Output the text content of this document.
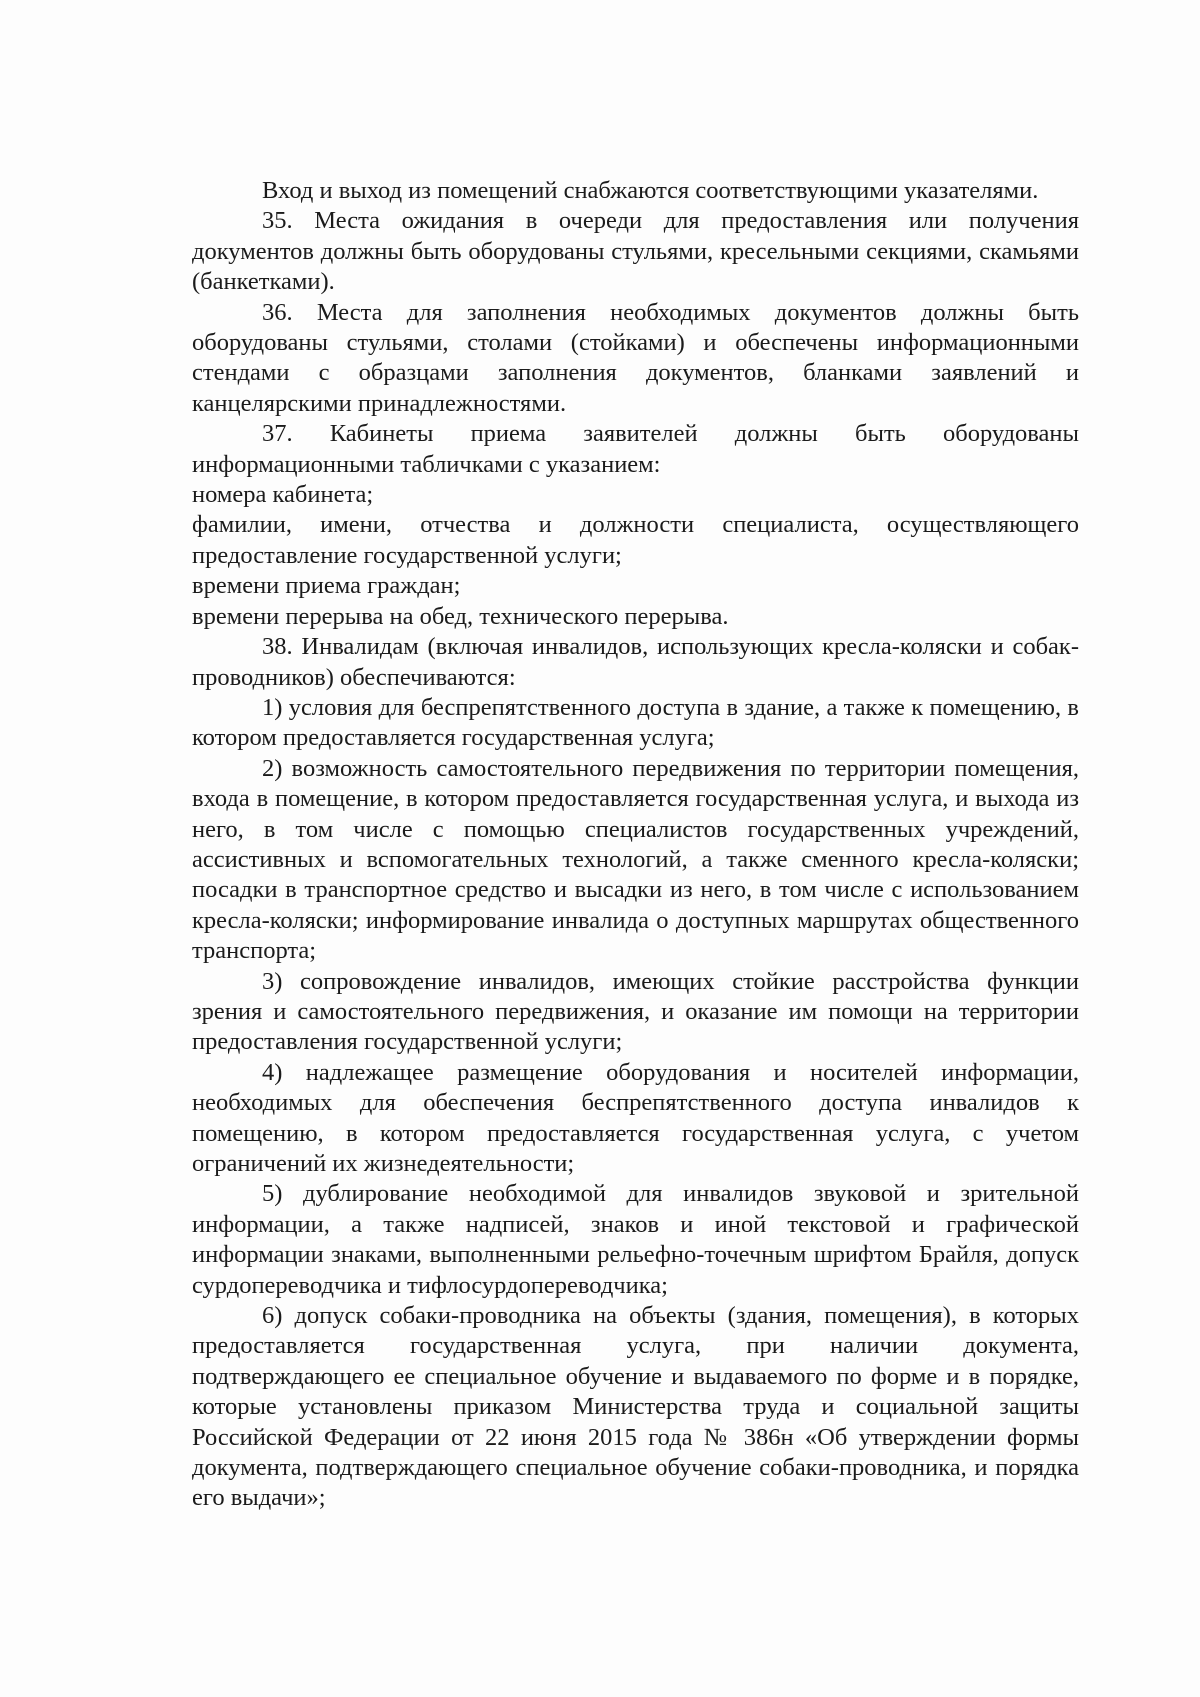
Вход и выход из помещений снабжаются соответствующими указателями.

35. Места ожидания в очереди для предоставления или получения документов должны быть оборудованы стульями, кресельными секциями, скамьями (банкетками).

36. Места для заполнения необходимых документов должны быть оборудованы стульями, столами (стойками) и обеспечены информационными стендами с образцами заполнения документов, бланками заявлений и канцелярскими принадлежностями.

37. Кабинеты приема заявителей должны быть оборудованы информационными табличками с указанием:

номера кабинета;

фамилии, имени, отчества и должности специалиста, осуществляющего предоставление государственной услуги;

времени приема граждан;

времени перерыва на обед, технического перерыва.

38. Инвалидам (включая инвалидов, использующих кресла-коляски и собак-проводников) обеспечиваются:

1) условия для беспрепятственного доступа в здание, а также к помещению, в котором предоставляется государственная услуга;

2) возможность самостоятельного передвижения по территории помещения, входа в помещение, в котором предоставляется государственная услуга, и выхода из него, в том числе с помощью специалистов государственных учреждений, ассистивных и вспомогательных технологий, а также сменного кресла-коляски; посадки в транспортное средство и высадки из него, в том числе с использованием кресла-коляски; информирование инвалида о доступных маршрутах общественного транспорта;

3) сопровождение инвалидов, имеющих стойкие расстройства функции зрения и самостоятельного передвижения, и оказание им помощи на территории предоставления государственной услуги;

4) надлежащее размещение оборудования и носителей информации, необходимых для обеспечения беспрепятственного доступа инвалидов к помещению, в котором предоставляется государственная услуга, с учетом ограничений их жизнедеятельности;

5) дублирование необходимой для инвалидов звуковой и зрительной информации, а также надписей, знаков и иной текстовой и графической информации знаками, выполненными рельефно-точечным шрифтом Брайля, допуск сурдопереводчика и тифлосурдопереводчика;

6) допуск собаки-проводника на объекты (здания, помещения), в которых предоставляется государственная услуга, при наличии документа, подтверждающего ее специальное обучение и выдаваемого по форме и в порядке, которые установлены приказом Министерства труда и социальной защиты Российской Федерации от 22 июня 2015 года № 386н «Об утверждении формы документа, подтверждающего специальное обучение собаки-проводника, и порядка его выдачи»;
